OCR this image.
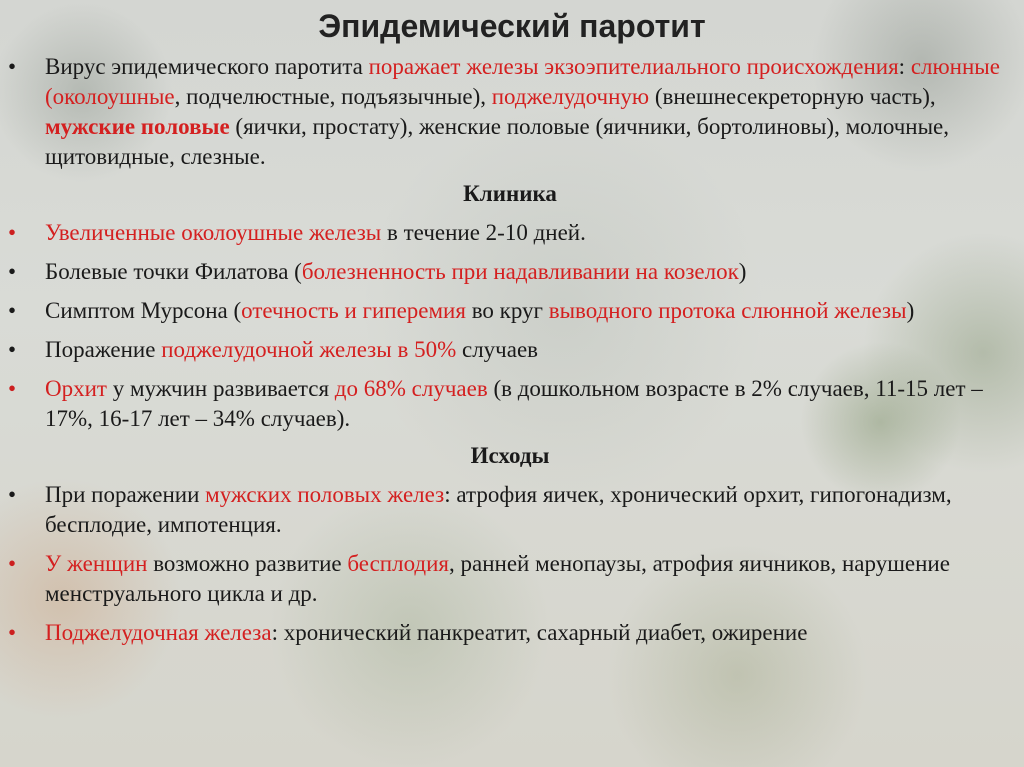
Эпидемический паротит
•	Вирус эпидемического паротита поражает железы экзоэпителиального происхождения: слюнные (околоушные, подчелюстные, подъязычные), поджелудочную (внешнесекреторную часть), мужские половые (яички, простату), женские половые (яичники, бортолиновы), молочные, щитовидные, слезные.
Клиника
•	Увеличенные околоушные железы в течение 2-10 дней.
•	Болевые точки Филатова (болезненность при надавливании на козелок)
•	Симптом Мурсона (отечность и гиперемия во круг выводного протока слюнной железы)
•	Поражение поджелудочной железы в 50% случаев
•	Орхит у мужчин развивается до 68% случаев (в дошкольном возрасте в 2% случаев, 11-15 лет – 17%, 16-17 лет – 34% случаев).
Исходы
•	При поражении мужских половых желез: атрофия яичек, хронический орхит, гипогонадизм, бесплодие, импотенция.
•	У женщин возможно развитие бесплодия, ранней менопаузы, атрофия яичников, нарушение менструального цикла и др.
•	Поджелудочная железа: хронический панкреатит, сахарный диабет, ожирение
